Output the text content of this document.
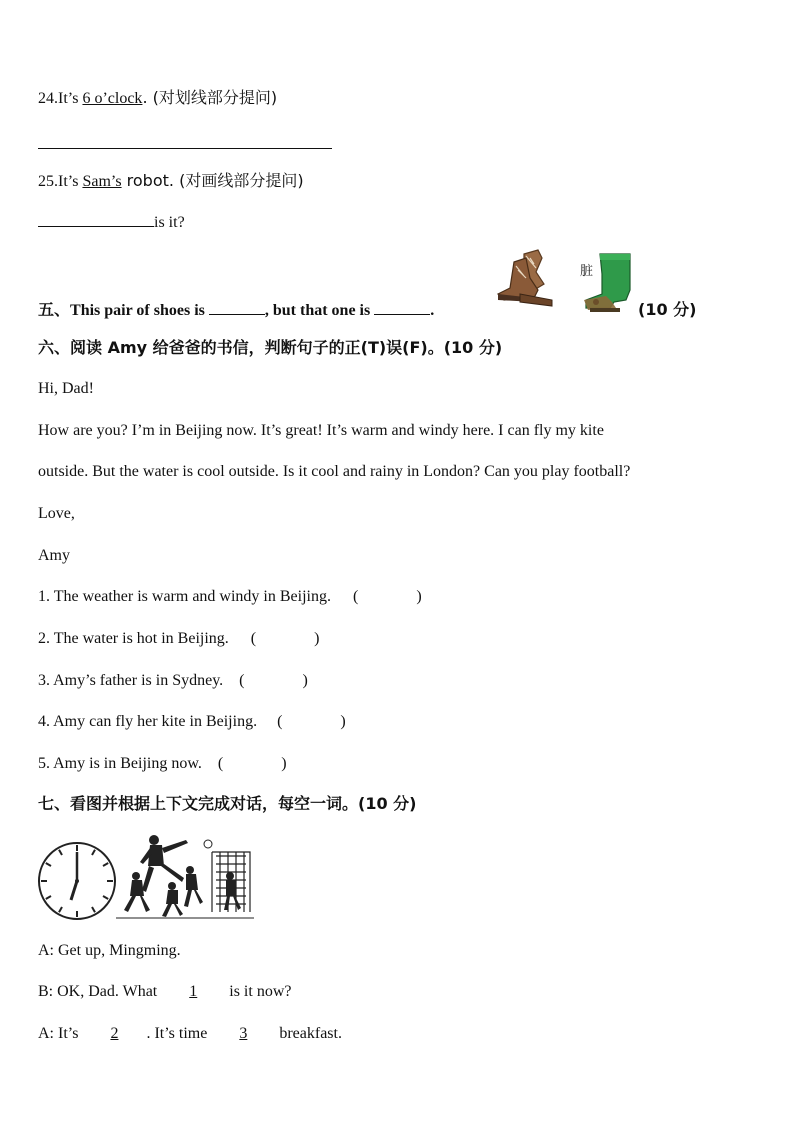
24.It’s 6 o’clock. (对划线部分提问)
25.It’s Sam’s robot. (对画线部分提问)
is it?
五、This pair of shoes is	, but that one is	.
脏
(10 分)
六、阅读 Amy 给爸爸的书信，判断句子的正(T)误(F)。(10 分)
Hi, Dad!
How are you? I’m in Beijing now. It’s great! It’s warm and windy here. I can fly my kite
outside. But the water is cool outside. Is it cool and rainy in London? Can you play football?
Love,
Amy
1. The weather is warm and windy in Beijing. (	)
2. The water is hot in Beijing. (	)
3. Amy’s father is in Sydney. (	)
4. Amy can fly her kite in Beijing. (	)
5. Amy is in Beijing now. (	)
七、看图并根据上下文完成对话，每空一词。(10 分)
A: Get up, Mingming.
B: OK, Dad. What 1 is it now?
A: It’s 2 . It’s time 3 breakfast.
